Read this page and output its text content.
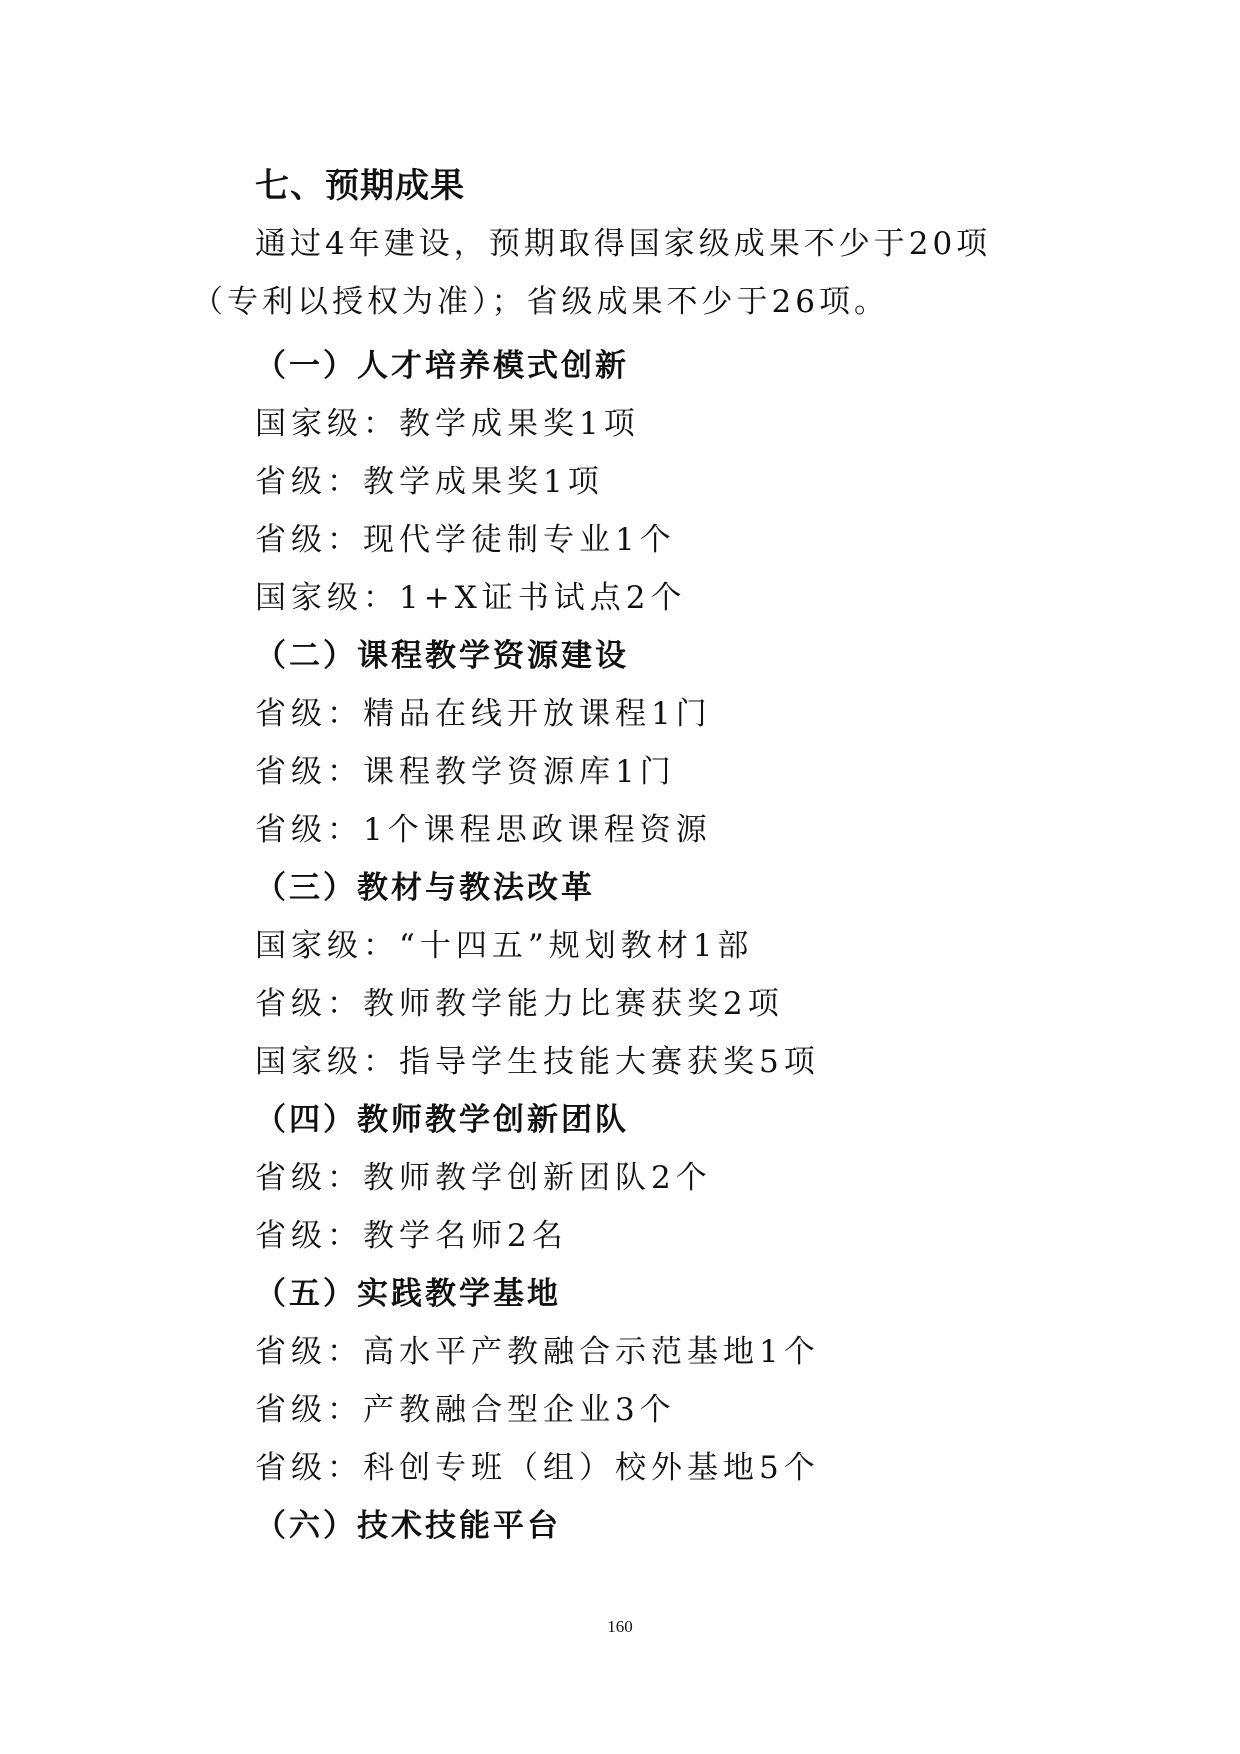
七、预期成果

通过4年建设，预期取得国家级成果不少于20项（专利以授权为准）；省级成果不少于26项。

（一）人才培养模式创新
国家级：教学成果奖1项
省级：教学成果奖1项
省级：现代学徒制专业1个
国家级：1+X证书试点2个
（二）课程教学资源建设
省级：精品在线开放课程1门
省级：课程教学资源库1门
省级：1个课程思政课程资源
（三）教材与教法改革
国家级：“十四五”规划教材1部
省级：教师教学能力比赛获奖2项
国家级：指导学生技能大赛获奖5项
（四）教师教学创新团队
省级：教师教学创新团队2个
省级：教学名师2名
（五）实践教学基地
省级：高水平产教融合示范基地1个
省级：产教融合型企业3个
省级：科创专班（组）校外基地5个
（六）技术技能平台
160
